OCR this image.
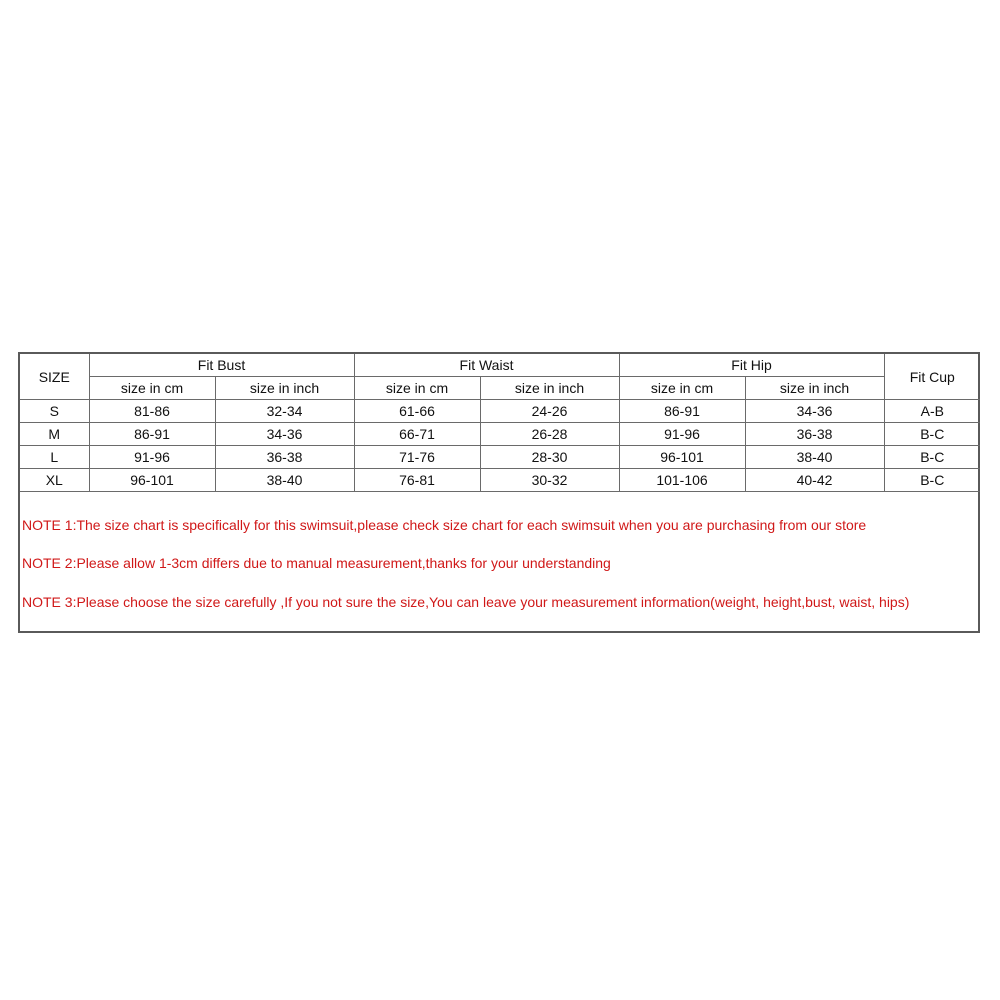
SIZE	Fit Bust		Fit Waist		Fit Hip		Fit Cup
	size in cm	size in inch	size in cm	size in inch	size in cm	size in inch	
S	81-86	32-34	61-66	24-26	86-91	34-36	A-B
M	86-91	34-36	66-71	26-28	91-96	36-38	B-C
L	91-96	36-38	71-76	28-30	96-101	38-40	B-C
XL	96-101	38-40	76-81	30-32	101-106	40-42	B-C
NOTE 1:The size chart is specifically for this swimsuit,please check size chart for each swimsuit when you are purchasing from our store
NOTE 2:Please allow 1-3cm differs due to manual measurement,thanks for your understanding
NOTE 3:Please choose the size carefully ,If you not sure the size,You can leave your measurement information(weight, height,bust, waist, hips)
